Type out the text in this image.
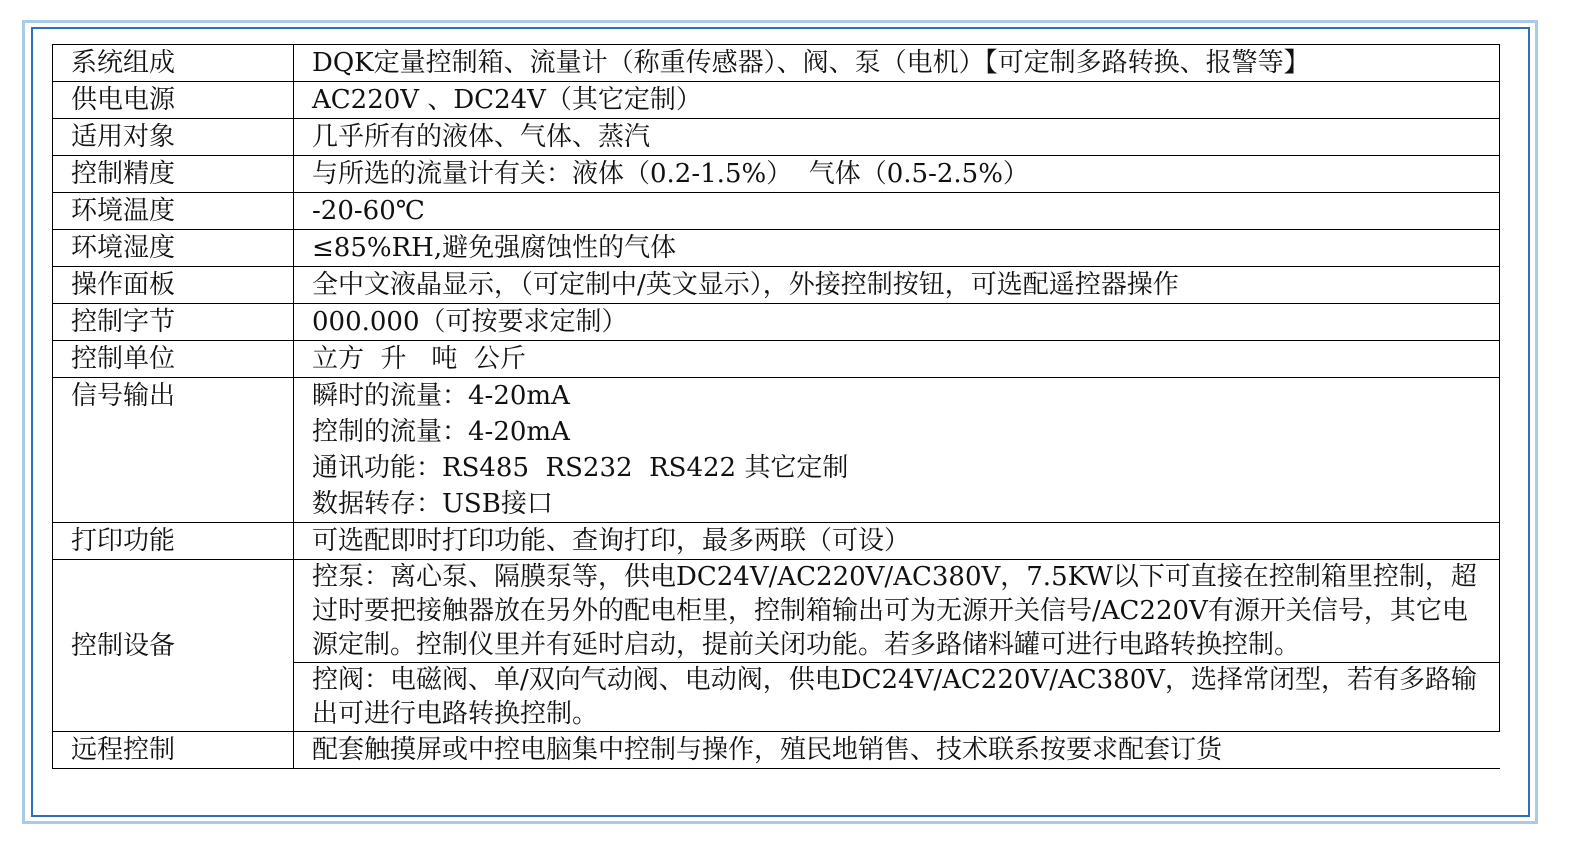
系统组成	DQK定量控制箱、流量计（称重传感器）、阀、泵（电机）【可定制多路转换、报警等】
供电电源	AC220V 、DC24V（其它定制）
适用对象	几乎所有的液体、气体、蒸汽
控制精度	与所选的流量计有关：液体（0.2-1.5%）  气体（0.5-2.5%）
环境温度	-20-60℃
环境湿度	≤85%RH,避免强腐蚀性的气体
操作面板	全中文液晶显示，（可定制中/英文显示），外接控制按钮，可选配遥控器操作
控制字节	000.000（可按要求定制）
控制单位	立方  升   吨  公斤
信号输出	瞬时的流量：4-20mA
控制的流量：4-20mA
通讯功能：RS485  RS232  RS422 其它定制
数据转存：USB接口

打印功能	可选配即时打印功能、查询打印，最多两联（可设）
控制设备	控泵：离心泵、隔膜泵等，供电DC24V/AC220V/AC380V，7.5KW以下可直接在控制箱里控制，超过时要把接触器放在另外的配电柜里，控制箱输出可为无源开关信号/AC220V有源开关信号，其它电源定制。控制仪里并有延时启动，提前关闭功能。若多路储料罐可进行电路转换控制。
	控阀：电磁阀、单/双向气动阀、电动阀，供电DC24V/AC220V/AC380V，选择常闭型，若有多路输出可进行电路转换控制。
远程控制	配套触摸屏或中控电脑集中控制与操作，殖民地销售、技术联系按要求配套订货
